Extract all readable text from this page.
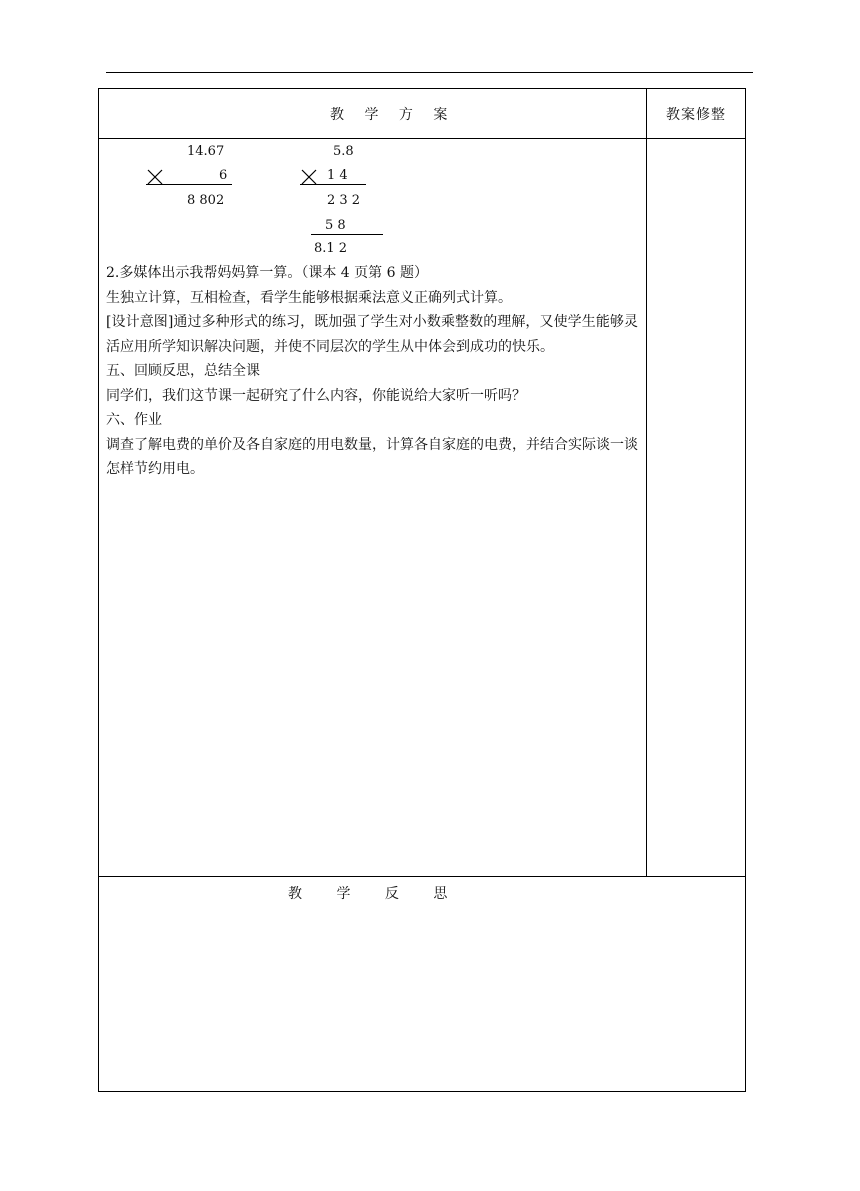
教 学 方 案	教案修整
14.67
6
8 802
5.8
1 4
2 3 2
5 8
8.1 2

2.多媒体出示我帮妈妈算一算。（课本 4 页第 6 题）

生独立计算，互相检查，看学生能够根据乘法意义正确列式计算。

[设计意图]通过多种形式的练习，既加强了学生对小数乘整数的理解，又使学生能够灵活应用所学知识解决问题，并使不同层次的学生从中体会到成功的快乐。

五、回顾反思，总结全课

同学们，我们这节课一起研究了什么内容，你能说给大家听一听吗？

六、作业

调查了解电费的单价及各自家庭的用电数量，计算各自家庭的电费，并结合实际谈一谈怎样节约用电。

教 学 反 思
